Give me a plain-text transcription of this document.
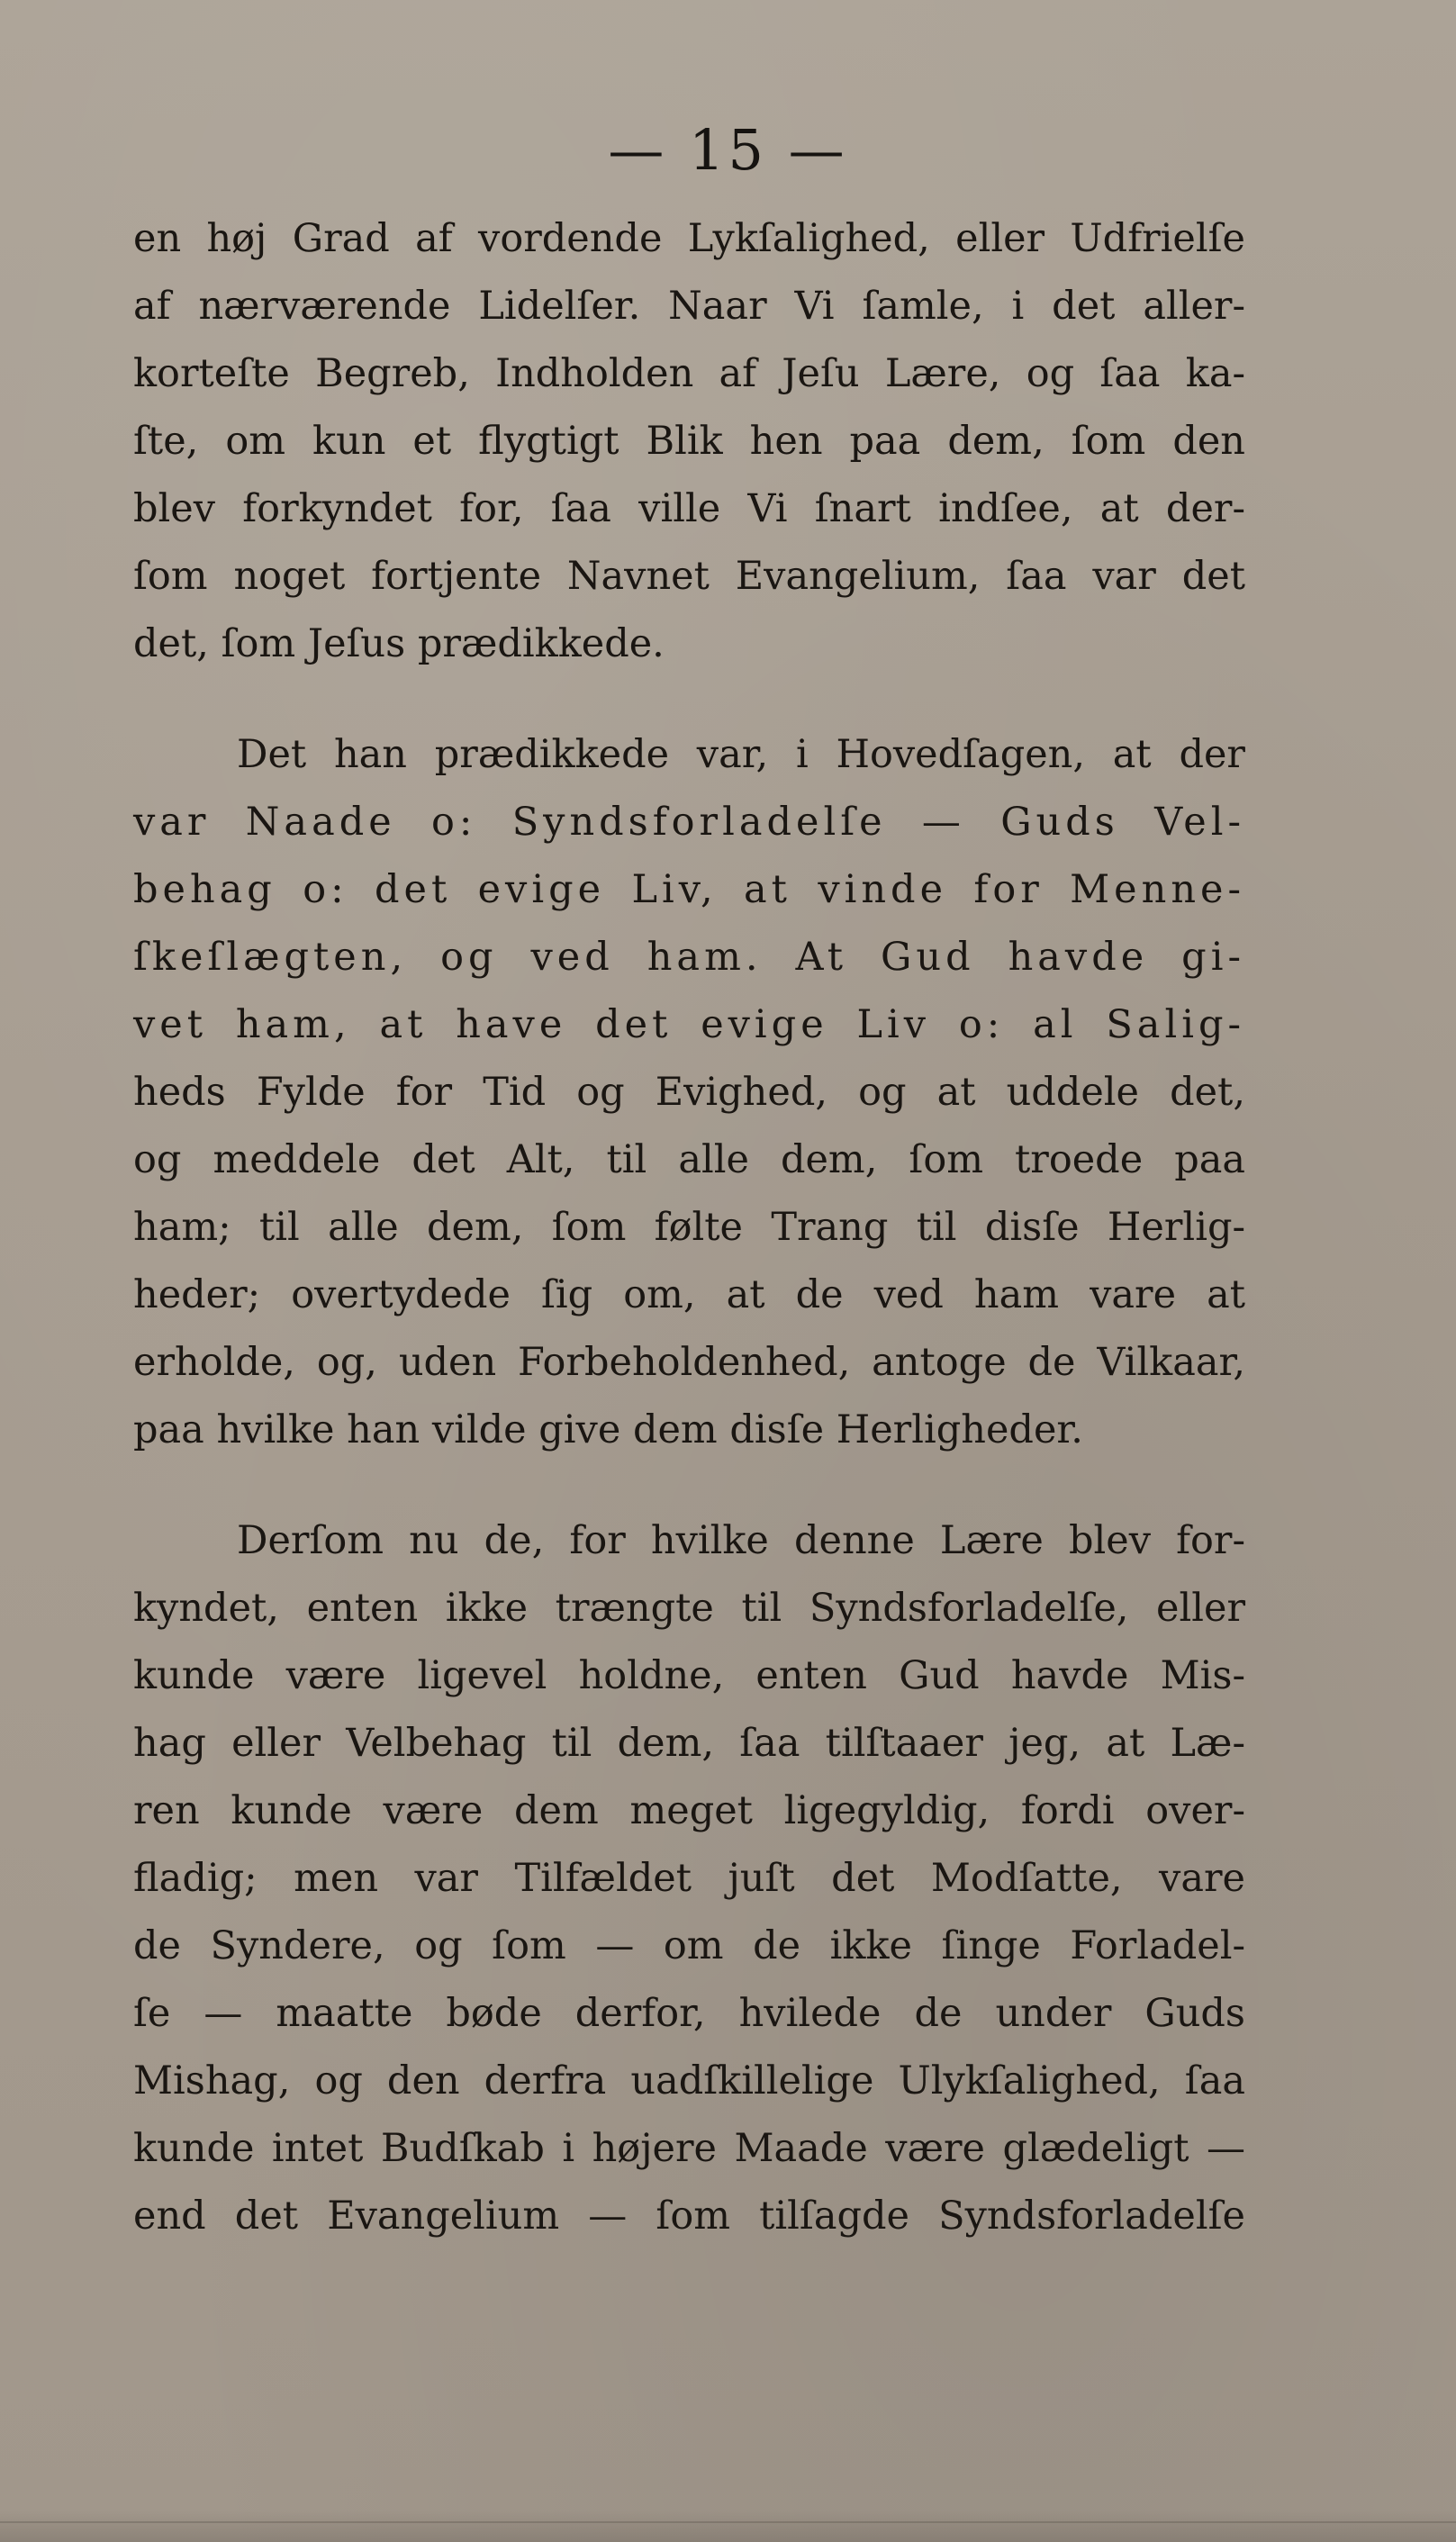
— 15 —
en høj Grad af vordende Lykſalighed, eller Udfrielſe
af nærværende Lidelſer. Naar Vi ſamle, i det aller-
korteſte Begreb, Indholden af Jeſu Lære, og ſaa ka-
ſte, om kun et flygtigt Blik hen paa dem, ſom den
blev forkyndet for, ſaa ville Vi ſnart indſee, at der-
ſom noget fortjente Navnet Evangelium, ſaa var det
det, ſom Jeſus prædikkede.
Det han prædikkede var, i Hovedſagen, at der
var Naade o: Syndsforladelſe — Guds Vel-
behag o: det evige Liv, at vinde for Menne-
ſkeſlægten, og ved ham. At Gud havde gi-
vet ham, at have det evige Liv o: al Salig-
heds Fylde for Tid og Evighed, og at uddele det,
og meddele det Alt, til alle dem, ſom troede paa
ham; til alle dem, ſom følte Trang til disſe Herlig-
heder; overtydede ſig om, at de ved ham vare at
erholde, og, uden Forbeholdenhed, antoge de Vilkaar,
paa hvilke han vilde give dem disſe Herligheder.
Derſom nu de, for hvilke denne Lære blev for-
kyndet, enten ikke trængte til Syndsforladelſe, eller
kunde være ligevel holdne, enten Gud havde Mis-
hag eller Velbehag til dem, ſaa tilſtaaer jeg, at Læ-
ren kunde være dem meget ligegyldig, fordi over-
fladig; men var Tilfældet juſt det Modſatte, vare
de Syndere, og ſom — om de ikke ſinge Forladel-
ſe — maatte bøde derfor, hvilede de under Guds
Mishag, og den derfra uadſkillelige Ulykſalighed, ſaa
kunde intet Budſkab i højere Maade være glædeligt —
end det Evangelium — ſom tilſagde Syndsforladelſe
